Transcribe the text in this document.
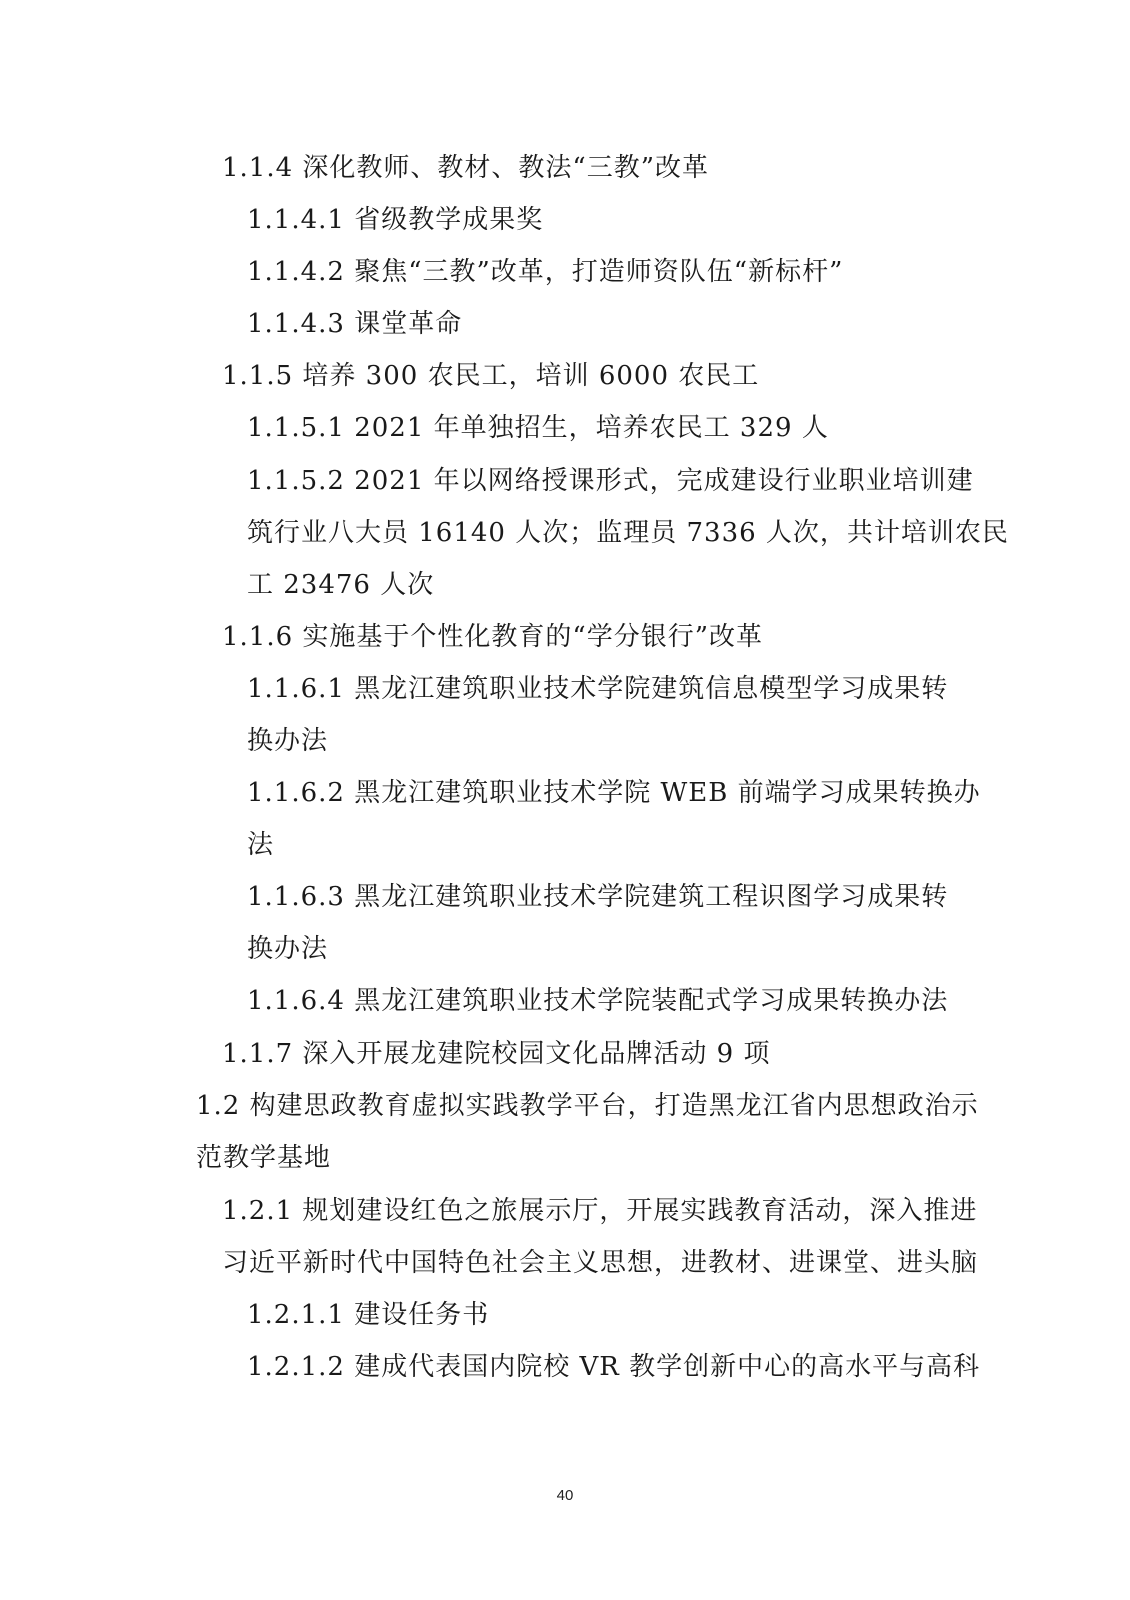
1.1.4 深化教师、教材、教法“三教”改革
1.1.4.1 省级教学成果奖
1.1.4.2 聚焦“三教”改革，打造师资队伍“新标杆”
1.1.4.3 课堂革命
1.1.5 培养 300 农民工，培训 6000 农民工
1.1.5.1 2021 年单独招生，培养农民工 329 人
1.1.5.2 2021 年以网络授课形式，完成建设行业职业培训建
筑行业八大员 16140 人次；监理员 7336 人次，共计培训农民
工 23476 人次
1.1.6 实施基于个性化教育的“学分银行”改革
1.1.6.1 黑龙江建筑职业技术学院建筑信息模型学习成果转
换办法
1.1.6.2 黑龙江建筑职业技术学院 WEB 前端学习成果转换办
法
1.1.6.3 黑龙江建筑职业技术学院建筑工程识图学习成果转
换办法
1.1.6.4 黑龙江建筑职业技术学院装配式学习成果转换办法
1.1.7 深入开展龙建院校园文化品牌活动 9 项
1.2 构建思政教育虚拟实践教学平台，打造黑龙江省内思想政治示
范教学基地
1.2.1 规划建设红色之旅展示厅，开展实践教育活动，深入推进
习近平新时代中国特色社会主义思想，进教材、进课堂、进头脑
1.2.1.1 建设任务书
1.2.1.2 建成代表国内院校 VR 教学创新中心的高水平与高科
40
